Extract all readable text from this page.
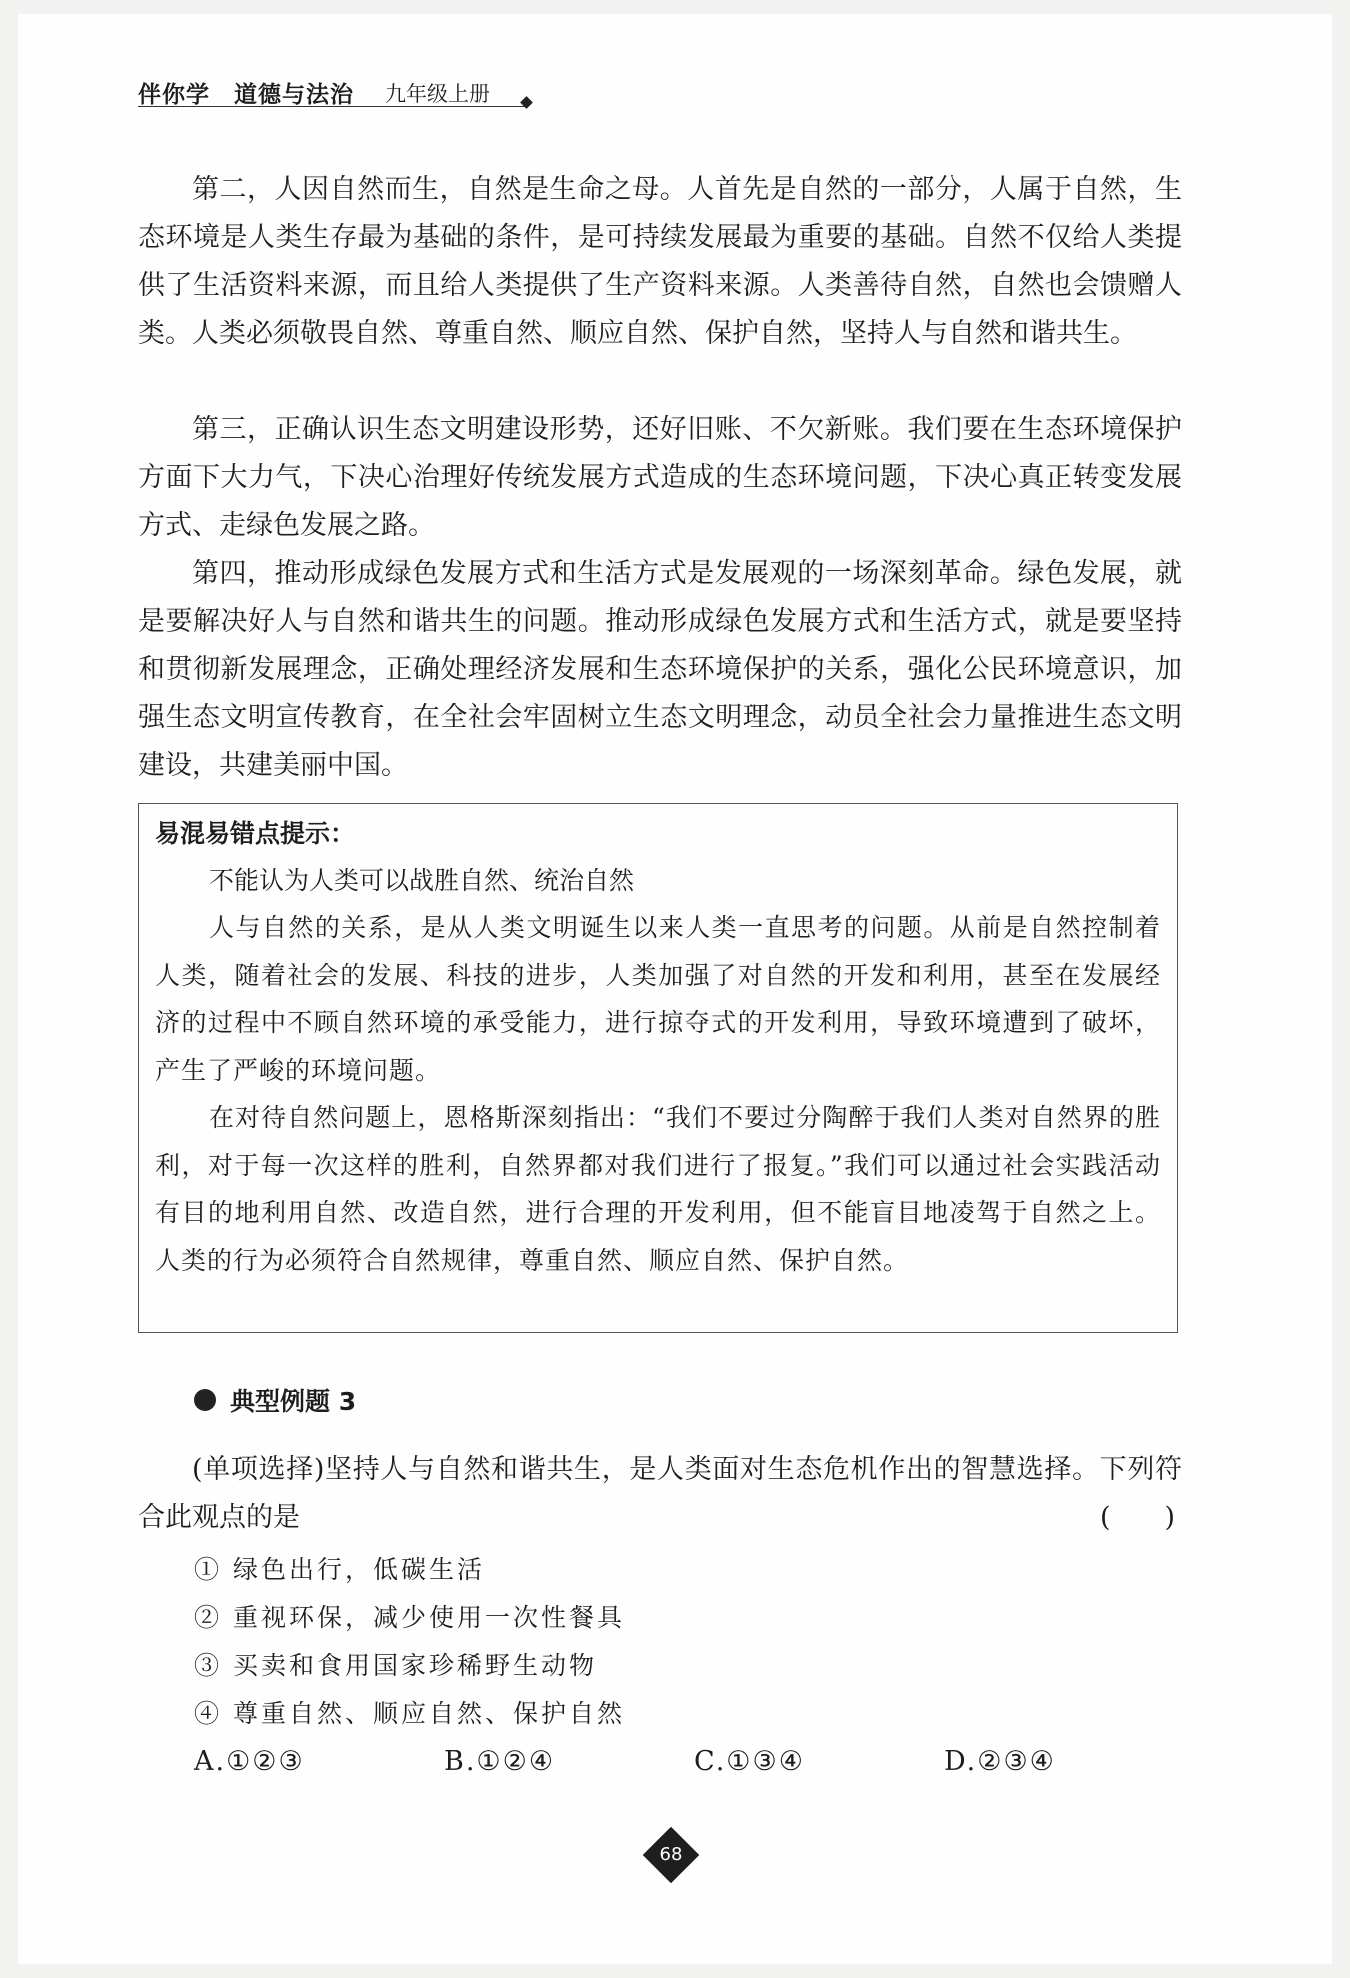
伴你学 道德与法治 九年级上册

第二，人因自然而生，自然是生命之母。人首先是自然的一部分，人属于自然，生态环境是人类生存最为基础的条件，是可持续发展最为重要的基础。自然不仅给人类提供了生活资料来源，而且给人类提供了生产资料来源。人类善待自然，自然也会馈赠人类。人类必须敬畏自然、尊重自然、顺应自然、保护自然，坚持人与自然和谐共生。

第三，正确认识生态文明建设形势，还好旧账、不欠新账。我们要在生态环境保护方面下大力气，下决心治理好传统发展方式造成的生态环境问题，下决心真正转变发展方式、走绿色发展之路。

第四，推动形成绿色发展方式和生活方式是发展观的一场深刻革命。绿色发展，就是要解决好人与自然和谐共生的问题。推动形成绿色发展方式和生活方式，就是要坚持和贯彻新发展理念，正确处理经济发展和生态环境保护的关系，强化公民环境意识，加强生态文明宣传教育，在全社会牢固树立生态文明理念，动员全社会力量推进生态文明建设，共建美丽中国。

易混易错点提示：
不能认为人类可以战胜自然、统治自然

人与自然的关系，是从人类文明诞生以来人类一直思考的问题。从前是自然控制着人类，随着社会的发展、科技的进步，人类加强了对自然的开发和利用，甚至在发展经济的过程中不顾自然环境的承受能力，进行掠夺式的开发利用，导致环境遭到了破坏，产生了严峻的环境问题。

在对待自然问题上，恩格斯深刻指出：“我们不要过分陶醉于我们人类对自然界的胜利，对于每一次这样的胜利，自然界都对我们进行了报复。”我们可以通过社会实践活动有目的地利用自然、改造自然，进行合理的开发利用，但不能盲目地凌驾于自然之上。人类的行为必须符合自然规律，尊重自然、顺应自然、保护自然。

典型例题 3

(单项选择)坚持人与自然和谐共生，是人类面对生态危机作出的智慧选择。下列符合此观点的是	(　　)
① 绿色出行，低碳生活
② 重视环保，减少使用一次性餐具
③ 买卖和食用国家珍稀野生动物
④ 尊重自然、顺应自然、保护自然
A.①②③	B.①②④	C.①③④	D.②③④
68
